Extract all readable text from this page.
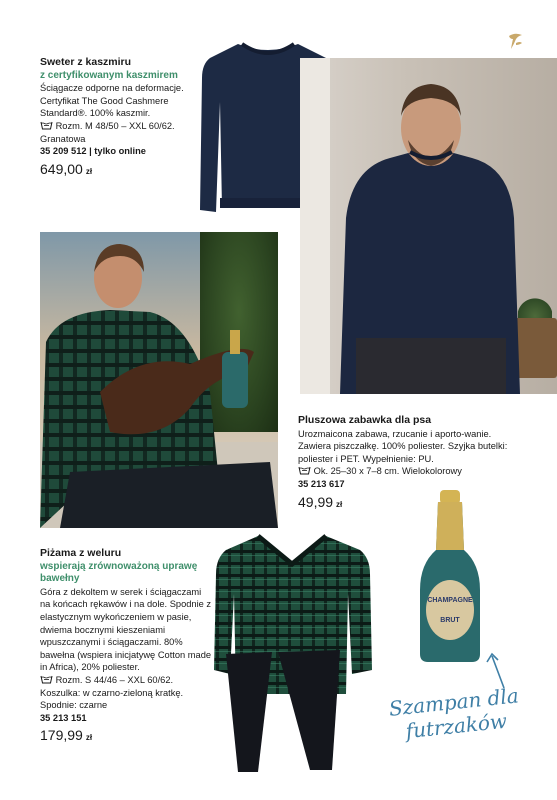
Sweter z kaszmiru
z certyfikowanym kaszmirem
Ściągacze odporne na deformacje. Certyfikat The Good Cashmere Standard®. 100% kaszmir.
Rozm. M 48/50 – XXL 60/62.
Granatowa
35 209 512 | tylko online
649,00 zł
Pluszowa zabawka dla psa
Urozmaicona zabawa, rzucanie i aporto-wanie. Zawiera piszczałkę. 100% poliester. Szyjka butelki: poliester i PET. Wypełnienie: PU.
Ok. 25–30 x 7–8 cm. Wielokolorowy
35 213 617
49,99 zł
Piżama z weluru
wspierają zrównoważoną uprawę bawełny
Góra z dekoltem w serek i ściągaczami na końcach rękawów i na dole. Spodnie z elastycznym wykończeniem w pasie, dwiema bocznymi kieszeniami wpuszczanymi i ściągaczami. 80% bawełna (wspiera inicjatywę Cotton made in Africa), 20% poliester.
Rozm. S 44/46 – XXL 60/62. Koszulka: w czarno-zieloną kratkę. Spodnie: czarne
35 213 151
179,99 zł
CHAMPAGNE
BRUT
Szampan dla futrzaków
